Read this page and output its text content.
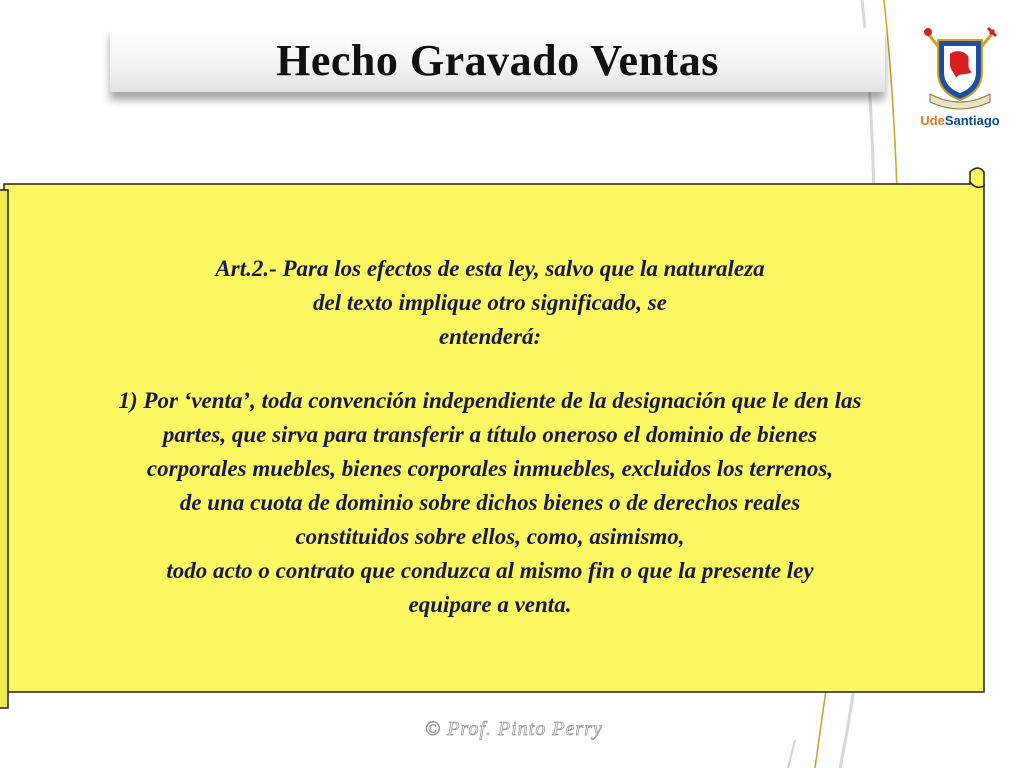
Hecho Gravado Ventas
UdeSantiago

Art.2.- Para los efectos de esta ley, salvo que la naturaleza

del texto implique otro significado, se

entenderá:

1) Por ‘venta’, toda convención independiente de la designación que le den las

partes, que sirva para transferir a título oneroso el dominio de bienes

corporales muebles, bienes corporales inmuebles, excluidos los terrenos,

de una cuota de dominio sobre dichos bienes o de derechos reales

constituidos sobre ellos, como, asimismo,

todo acto o contrato que conduzca al mismo fin o que la presente ley

equipare a venta.

© Prof. Pinto Perry
